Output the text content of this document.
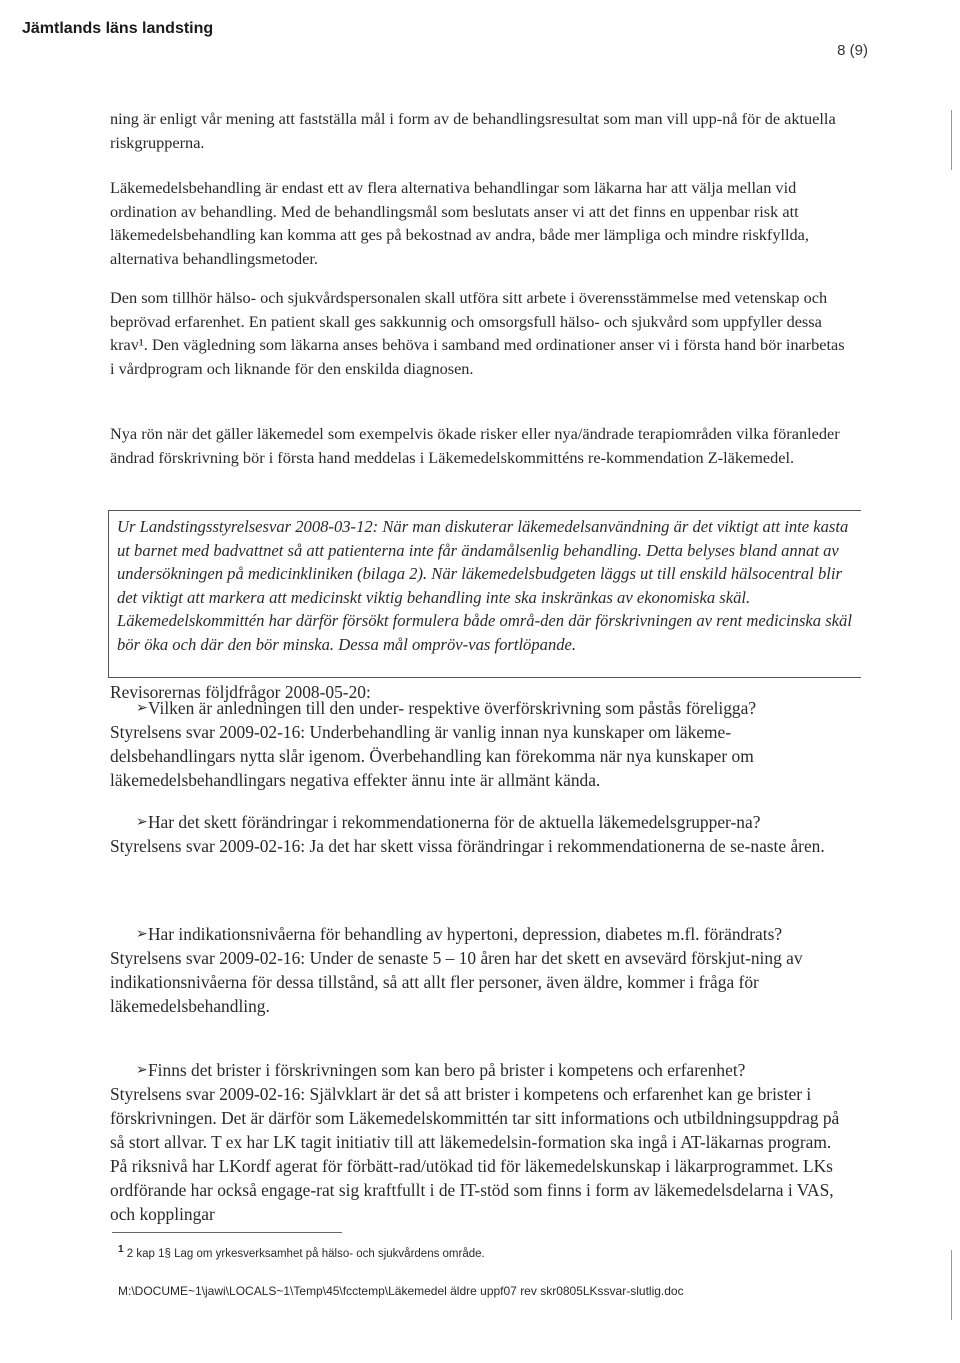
Jämtlands läns landsting
8 (9)

ning är enligt vår mening att fastställa mål i form av de behandlingsresultat som man vill upp-nå för de aktuella riskgrupperna.

Läkemedelsbehandling är endast ett av flera alternativa behandlingar som läkarna har att välja mellan vid ordination av behandling. Med de behandlingsmål som beslutats anser vi att det finns en uppenbar risk att läkemedelsbehandling kan komma att ges på bekostnad av andra, både mer lämpliga och mindre riskfyllda, alternativa behandlingsmetoder.

Den som tillhör hälso- och sjukvårdspersonalen skall utföra sitt arbete i överensstämmelse med vetenskap och beprövad erfarenhet. En patient skall ges sakkunnig och omsorgsfull hälso- och sjukvård som uppfyller dessa krav¹. Den vägledning som läkarna anses behöva i samband med ordinationer anser vi i första hand bör inarbetas i vårdprogram och liknande för den enskilda diagnosen.

Nya rön när det gäller läkemedel som exempelvis ökade risker eller nya/ändrade terapiområden vilka föranleder ändrad förskrivning bör i första hand meddelas i Läkemedelskommitténs re-kommendation Z-läkemedel.

Ur Landstingsstyrelsesvar 2008-03-12: När man diskuterar läkemedelsanvändning är det viktigt att inte kasta ut barnet med badvattnet så att patienterna inte får ändamålsenlig behandling. Detta belyses bland annat av undersökningen på medicinkliniken (bilaga 2). När läkemedelsbudgeten läggs ut till enskild hälsocentral blir det viktigt att markera att medicinskt viktig behandling inte ska inskränkas av ekonomiska skäl. Läkemedelskommittén har därför försökt formulera både områ-den där förskrivningen av rent medicinska skäl bör öka och där den bör minska. Dessa mål ompröv-vas fortlöpande.

Revisorernas följdfrågor 2008-05-20:

➢ Vilken är anledningen till den under- respektive överförskrivning som påstås föreligga?

Styrelsens svar 2009-02-16: Underbehandling är vanlig innan nya kunskaper om läkeme-delsbehandlingars nytta slår igenom. Överbehandling kan förekomma när nya kunskaper om läkemedelsbehandlingars negativa effekter ännu inte är allmänt kända.

➢ Har det skett förändringar i rekommendationerna för de aktuella läkemedelsgrupper-na?

Styrelsens svar 2009-02-16: Ja det har skett vissa förändringar i rekommendationerna de se-naste åren.

➢ Har indikationsnivåerna för behandling av hypertoni, depression, diabetes m.fl. förändrats?

Styrelsens svar 2009-02-16: Under de senaste 5 – 10 åren har det skett en avsevärd förskjut-ning av indikationsnivåerna för dessa tillstånd, så att allt fler personer, även äldre, kommer i fråga för läkemedelsbehandling.

➢ Finns det brister i förskrivningen som kan bero på brister i kompetens och erfarenhet?

Styrelsens svar 2009-02-16: Självklart är det så att brister i kompetens och erfarenhet kan ge brister i förskrivningen. Det är därför som Läkemedelskommittén tar sitt informations och utbildningsuppdrag på så stort allvar. T ex har LK tagit initiativ till att läkemedelsin-formation ska ingå i AT-läkarnas program. På riksnivå har LKordf agerat för förbätt-rad/utökad tid för läkemedelskunskap i läkarprogrammet. LKs ordförande har också engage-rat sig kraftfullt i de IT-stöd som finns i form av läkemedelsdelarna i VAS, och kopplingar

$^1$ 2 kap 1§ Lag om yrkesverksamhet på hälso- och sjukvårdens område.
M:\DOCUME~1\jawi\LOCALS~1\Temp\45\fcctemp\Läkemedel äldre uppf07 rev skr0805LKssvar-slutlig.doc
